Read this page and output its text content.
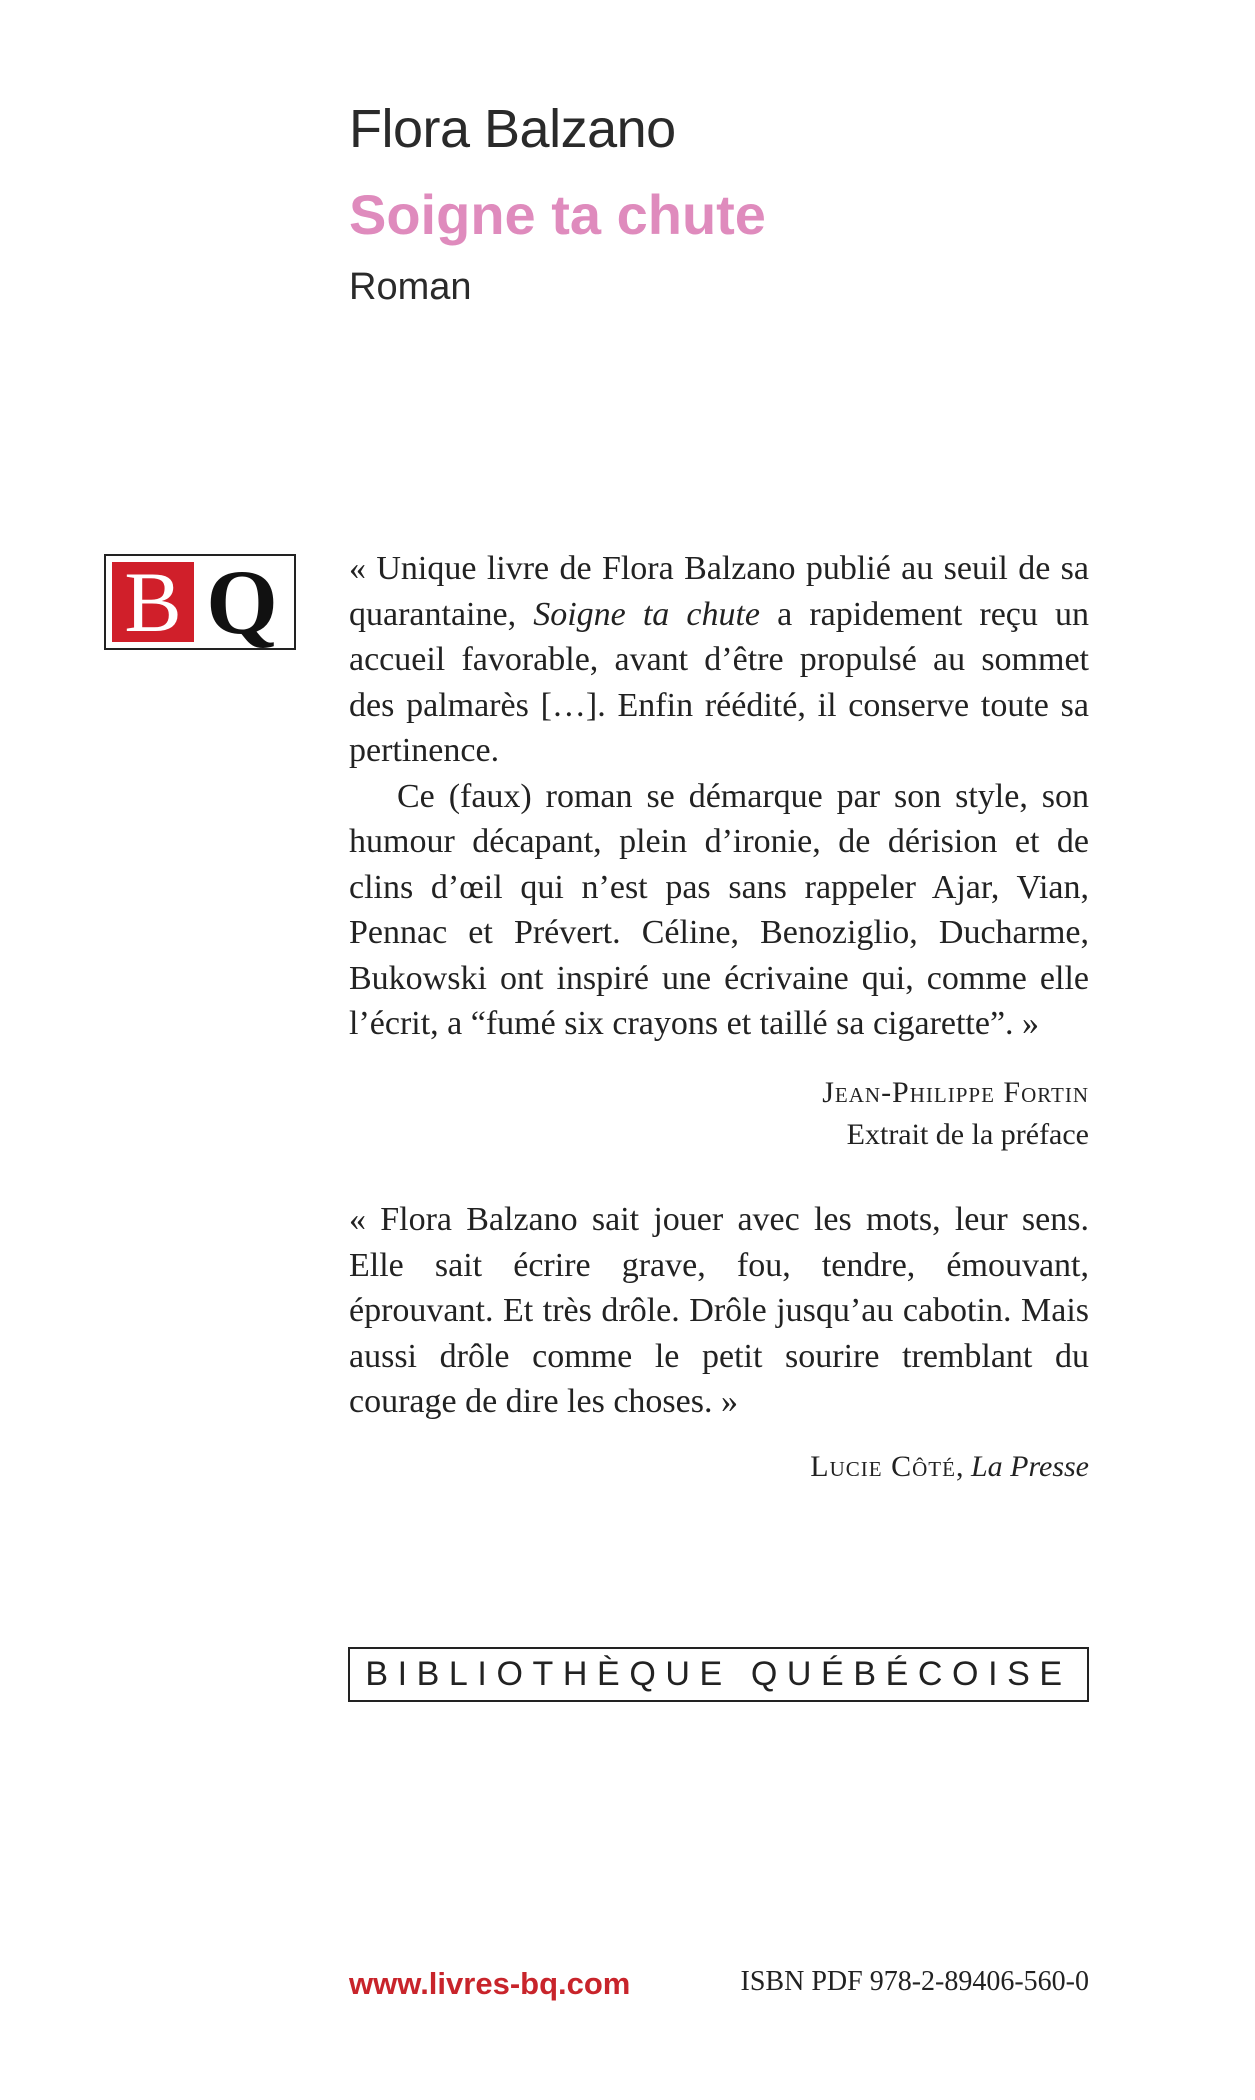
Flora Balzano
Soigne ta chute
Roman
B Q	« Unique livre de Flora Balzano publié au seuil de sa quarantaine, Soigne ta chute a rapidement reçu un accueil favorable, avant d’être propulsé au sommet des palmarès […]. Enfin réédité, il conserve toute sa pertinence.

Ce (faux) roman se démarque par son style, son humour décapant, plein d’ironie, de dérision et de clins d’œil qui n’est pas sans rappeler Ajar, Vian, Pennac et Prévert. Céline, Benoziglio, Ducharme, Bukowski ont inspiré une écrivaine qui, comme elle l’écrit, a “fumé six crayons et taillé sa cigarette”. »

Jean-Philippe Fortin
Extrait de la préface

« Flora Balzano sait jouer avec les mots, leur sens. Elle sait écrire grave, fou, tendre, émouvant, éprouvant. Et très drôle. Drôle jusqu’au cabotin. Mais aussi drôle comme le petit sourire tremblant du courage de dire les choses. »

Lucie Côté, La Presse
BIBLIOTHÈQUE QUÉBÉCOISE
www.livres-bq.com	ISBN PDF 978-2-89406-560-0
